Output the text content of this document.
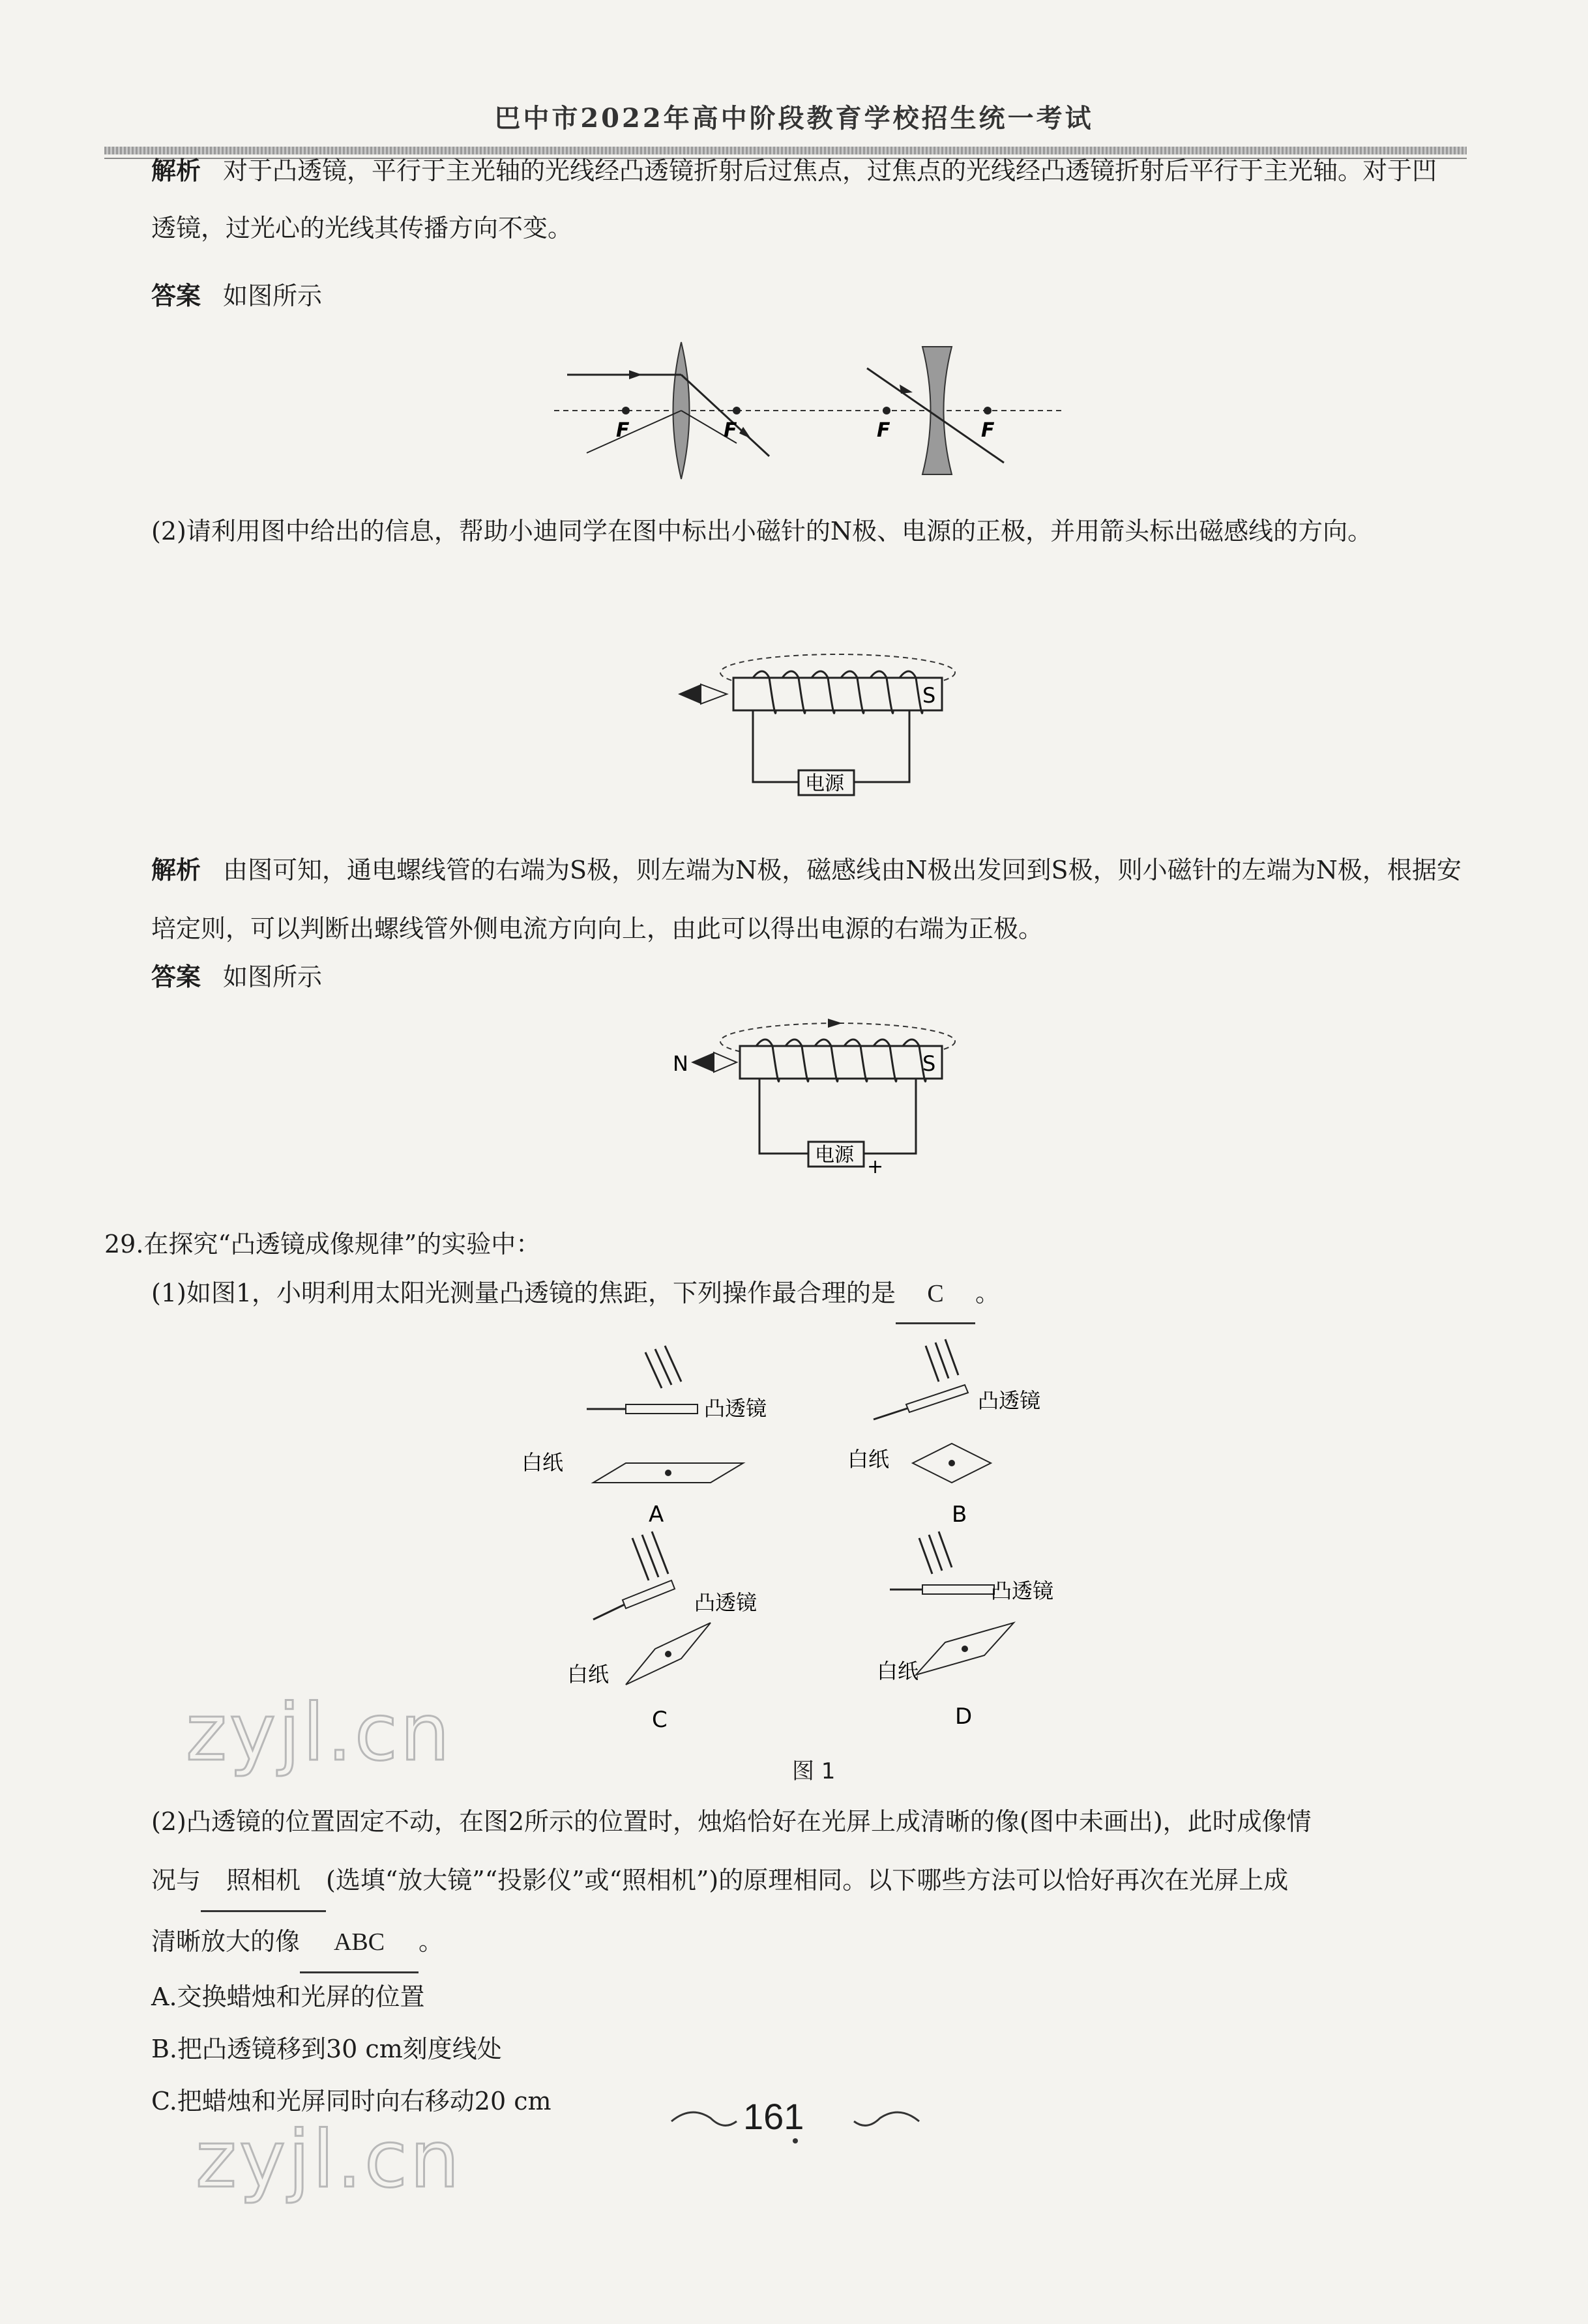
巴中市2022年高中阶段教育学校招生统一考试
解析 对于凸透镜，平行于主光轴的光线经凸透镜折射后过焦点，过焦点的光线经凸透镜折射后平行于主光轴。对于凹透镜，过光心的光线其传播方向不变。
答案 如图所示
F	F	F	F
(2)请利用图中给出的信息，帮助小迪同学在图中标出小磁针的N极、电源的正极，并用箭头标出磁感线的方向。
S
电源
解析 由图可知，通电螺线管的右端为S极，则左端为N极，磁感线由N极出发回到S极，则小磁针的左端为N极，根据安培定则，可以判断出螺线管外侧电流方向向上，由此可以得出电源的右端为正极。
答案 如图所示
S
N
电源
+
29.在探究“凸透镜成像规律”的实验中：
(1)如图1，小明利用太阳光测量凸透镜的焦距，下列操作最合理的是 C 。
凸透镜
白纸
A
凸透镜
白纸
B
凸透镜
白纸
C
凸透镜
白纸
D
图 1
zyjl.cn
(2)凸透镜的位置固定不动，在图2所示的位置时，烛焰恰好在光屏上成清晰的像(图中未画出)，此时成像情
况与 照相机 (选填“放大镜”“投影仪”或“照相机”)的原理相同。以下哪些方法可以恰好再次在光屏上成
清晰放大的像 ABC 。
A.交换蜡烛和光屏的位置
B.把凸透镜移到30 cm刻度线处
C.把蜡烛和光屏同时向右移动20 cm
zyjl.cn	161
